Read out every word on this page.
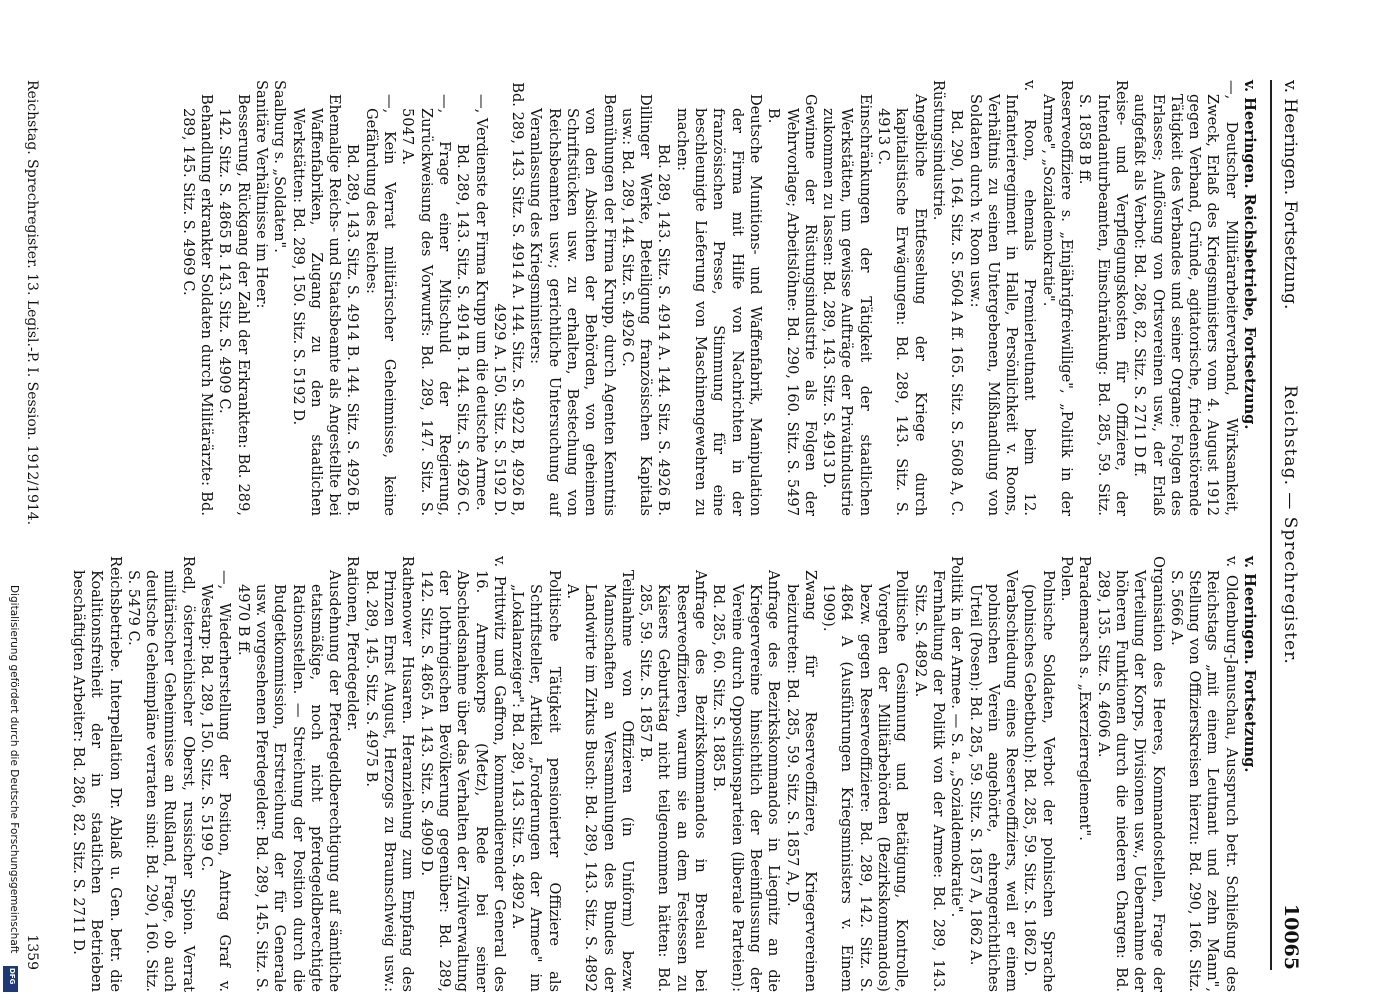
v. Heeringen. Fortsetzung.
Reichstag. — Sprechregister.
10065

v. Heeringen. Reichsbetriebe, Fortsetzung.

—, Deutscher Militärarbeiterverband, Wirksamkeit, Zweck, Erlaß des Kriegsministers vom 4. August 1912 gegen Verband, Gründe, agitatorische, friedenstörende Tätigkeit des Verbandes und seiner Organe; Folgen des Erlasses; Auflösung von Ortsvereinen usw., der Erlaß aufgefaßt als Verbot: Bd. 286, 82. Sitz. S. 2711 D ff.

Reise- und Verpflegungskosten für Offiziere, der Intendanturbeamten, Einschränkung: Bd. 285, 59. Sitz. S. 1858 B ff.

Reserveoffiziere s. „Einjährigfreiwillige", „Politik in der Armee", „Sozialdemokratie".

v. Roon, ehemals Premierleutnant beim 12. Infanterieregiment in Halle, Persönlichkeit v. Roons, Verhältnis zu seinen Untergebenen, Mißhandlung von Soldaten durch v. Roon usw.:

Bd. 290, 164. Sitz. S. 5604 A ff. 165. Sitz. S. 5608 A, C.

Rüstungsindustrie.

Angebliche Entfesselung der Kriege durch kapitalistische Erwägungen: Bd. 289, 143. Sitz. S. 4913 C.

Einschränkungen der Tätigkeit der staatlichen Werkstätten, um gewisse Aufträge der Privatindustrie zukommen zu lassen: Bd. 289, 143. Sitz. S. 4913 D.

Gewinne der Rüstungsindustrie als Folgen der Wehrvorlage; Arbeitslöhne: Bd. 290, 160. Sitz. S. 5497 B.

Deutsche Munitions- und Waffenfabrik, Manipulation der Firma mit Hilfe von Nachrichten in der französischen Presse, Stimmung für eine beschleunigte Lieferung von Maschinengewehren zu machen:

Bd. 289, 143. Sitz. S. 4914 A. 144. Sitz. S. 4926 B.

Dillinger Werke, Beteiligung französischen Kapitals usw.: Bd. 289, 144. Sitz. S. 4926 C.

Bemühungen der Firma Krupp, durch Agenten Kenntnis von den Absichten der Behörden, von geheimen Schriftstücken usw. zu erhalten, Bestechung von Reichsbeamten usw.; gerichtliche Untersuchung auf Veranlassung des Kriegsministers:

Bd. 289, 143. Sitz. S. 4914 A. 144. Sitz. S. 4922 B, 4926 B, 4929 A. 150. Sitz. S. 5192 D.

—, Verdienste der Firma Krupp um die deutsche Armee.

Bd. 289, 143. Sitz. S. 4914 B. 144. Sitz. S. 4926 C.

—, Frage einer Mitschuld der Regierung, Zurückweisung des Vorwurfs: Bd. 289, 147. Sitz. S. 5047 A.

—, Kein Verrat militärischer Geheimnisse, keine Gefährdung des Reiches:

Bd. 289, 143. Sitz. S. 4914 B. 144. Sitz. S. 4926 B.

Ehemalige Reichs- und Staatsbeamte als Angestellte bei Waffenfabriken, Zugang zu den staatlichen Werkstätten: Bd. 289, 150. Sitz. S. 5192 D.

Saalburg s. „Soldaten".

Sanitäre Verhältnisse im Heer:

Besserung, Rückgang der Zahl der Erkrankten: Bd. 289, 142. Sitz. S. 4865 B. 143. Sitz. S. 4909 C.

Behandlung erkrankter Soldaten durch Militärärzte: Bd. 289, 145. Sitz. S. 4969 C.

v. Heeringen. Fortsetzung.

v. Oldenburg-Januschau, Ausspruch betr. Schließung des Reichstags „mit einem Leutnant und zehn Mann", Stellung von Offizierskreisen hierzu: Bd. 290, 166. Sitz. S. 5666 A.

Organisation des Heeres, Kommandostellen, Frage der Verteilung der Korps, Divisionen usw., Uebernahme der höheren Funktionen durch die niederen Chargen: Bd. 289, 135. Sitz. S. 4606 A.

Parademarsch s. „Exerzierreglement".

Polen.

Polnische Soldaten, Verbot der polnischen Sprache (polnisches Gebetbuch): Bd. 285, 59. Sitz. S. 1862 D.

Verabschiedung eines Reserveoffiziers, weil er einem polnischen Verein angehörte, ehrengerichtliches Urteil (Posen): Bd. 285, 59. Sitz. S. 1857 A, 1862 A.

Politik in der Armee. — S. a. „Sozialdemokratie".

Fernhaltung der Politik von der Armee: Bd. 289, 143. Sitz. S. 4892 A.

Politische Gesinnung und Betätigung, Kontrolle, Vorgehen der Militärbehörden (Bezirkskommandos) bezw. gegen Reserveoffiziere: Bd. 289, 142. Sitz. S. 4864 A (Ausführungen Kriegsministers v. Einem 1909).

Zwang für Reserveoffiziere, Kriegervereinen beizutreten: Bd. 285, 59. Sitz. S. 1857 A, D.

Anfrage des Bezirkskommandos in Liegnitz an die Kriegervereine hinsichtlich der Beeinflussung der Vereine durch Oppositionsparteien (liberale Parteien): Bd. 285, 60. Sitz. S. 1885 B.

Anfrage des Bezirkskommandos in Breslau bei Reserveoffizieren, warum sie an dem Festessen zu Kaisers Geburtstag nicht teilgenommen hätten: Bd. 285, 59. Sitz. S. 1857 B.

Teilnahme von Offizieren (in Uniform) bezw. Mannschaften an Versammlungen des Bundes der Landwirte im Zirkus Busch: Bd. 289, 143. Sitz. S. 4892 A.

Politische Tätigkeit pensionierter Offiziere als Schriftsteller, Artikel „Forderungen der Armee" im „Lokalanzeiger": Bd. 289, 143. Sitz. S. 4892 A.

v. Prittwitz und Gaffron, kommandierender General des 16. Armeekorps (Metz), Rede bei seiner Abschiedsnahme über das Verhalten der Zivilverwaltung der lothringischen Bevölkerung gegenüber: Bd. 289, 142. Sitz. S. 4865 A. 143. Sitz. S. 4909 D.

Rathenower Husaren. Heranziehung zum Empfang des Prinzen Ernst August, Herzogs zu Braunschweig usw.: Bd. 289, 145. Sitz. S. 4975 B.

Rationen, Pferdegelder.

Ausdehnung der Pferdegeldberechtigung auf sämtliche etatsmäßige, noch nicht pferdegeldberechtigte Rationsstellen. — Streichung der Position durch die Budgetkommission, Erstreichung der für Generale usw. vorgesehenen Pferdegelder: Bd. 289, 145. Sitz. S. 4970 B ff.

—, Wiederherstellung der Position, Antrag Graf v. Westarp: Bd. 289, 150. Sitz. S. 5199 C.

Redl, österreichischer Oberst, russischer Spion. Verrat militärischer Geheimnisse an Rußland, Frage, ob auch deutsche Geheimpläne verraten sind: Bd. 290, 160. Sitz. S. 5479 C.

Reichsbetriebe. Interpellation Dr. Ablaß u. Gen. betr. die Koalitionsfreiheit der in staatlichen Betrieben beschäftigten Arbeiter: Bd. 286, 82. Sitz. S. 2711 D.

Reichstag. Sprechregister. 13. Legisl.-P. I. Session. 1912/1914.
1359
Digitalisierung gefördert durch die Deutsche Forschungsgemeinschaft
DFG
